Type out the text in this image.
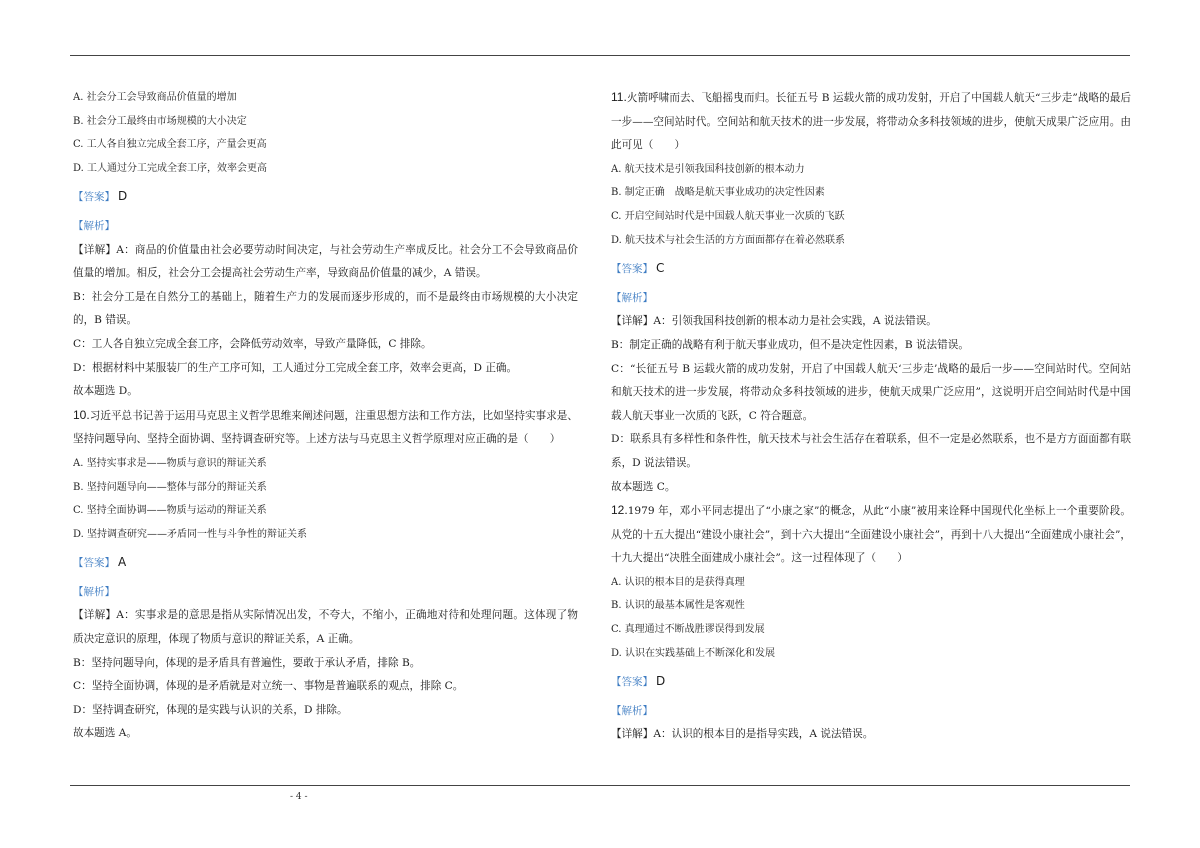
A. 社会分工会导致商品价值量的增加
B. 社会分工最终由市场规模的大小决定
C. 工人各自独立完成全套工序，产量会更高
D. 工人通过分工完成全套工序，效率会更高
【答案】 D
【解析】
【详解】A：商品的价值量由社会必要劳动时间决定，与社会劳动生产率成反比。社会分工不会导致商品价值量的增加。相反，社会分工会提高社会劳动生产率，导致商品价值量的减少，A 错误。
B：社会分工是在自然分工的基础上，随着生产力的发展而逐步形成的，而不是最终由市场规模的大小决定的，B 错误。
C：工人各自独立完成全套工序，会降低劳动效率，导致产量降低，C 排除。
D：根据材料中某服装厂的生产工序可知，工人通过分工完成全套工序，效率会更高，D 正确。
故本题选 D。
10.习近平总书记善于运用马克思主义哲学思维来阐述问题，注重思想方法和工作方法，比如坚持实事求是、坚持问题导向、坚持全面协调、坚持调查研究等。上述方法与马克思主义哲学原理对应正确的是（　　）
A. 坚持实事求是——物质与意识的辩证关系
B. 坚持问题导向——整体与部分的辩证关系
C. 坚持全面协调——物质与运动的辩证关系
D. 坚持调查研究——矛盾同一性与斗争性的辩证关系
【答案】 A
【解析】
【详解】A：实事求是的意思是指从实际情况出发，不夸大，不缩小，正确地对待和处理问题。这体现了物质决定意识的原理，体现了物质与意识的辩证关系，A 正确。
B：坚持问题导向，体现的是矛盾具有普遍性，要敢于承认矛盾，排除 B。
C：坚持全面协调，体现的是矛盾就是对立统一、事物是普遍联系的观点，排除 C。
D：坚持调查研究，体现的是实践与认识的关系，D 排除。
故本题选 A。
11.火箭呼啸而去、飞船摇曳而归。长征五号 B 运载火箭的成功发射，开启了中国载人航天“三步走”战略的最后一步——空间站时代。空间站和航天技术的进一步发展，将带动众多科技领域的进步，使航天成果广泛应用。由此可见（　　）
A. 航天技术是引领我国科技创新的根本动力
B. 制定正确　战略是航天事业成功的决定性因素
C. 开启空间站时代是中国载人航天事业一次质的飞跃
D. 航天技术与社会生活的方方面面都存在着必然联系
【答案】 C
【解析】
【详解】A：引领我国科技创新的根本动力是社会实践，A 说法错误。
B：制定正确的战略有利于航天事业成功，但不是决定性因素，B 说法错误。
C：“长征五号 B 运载火箭的成功发射，开启了中国载人航天‘三步走’战略的最后一步——空间站时代。空间站和航天技术的进一步发展，将带动众多科技领域的进步，使航天成果广泛应用”，这说明开启空间站时代是中国载人航天事业一次质的飞跃，C 符合题意。
D：联系具有多样性和条件性，航天技术与社会生活存在着联系，但不一定是必然联系，也不是方方面面都有联系，D 说法错误。
故本题选 C。
12.1979 年，邓小平同志提出了“小康之家”的概念，从此“小康”被用来诠释中国现代化坐标上一个重要阶段。从党的十五大提出“建设小康社会”，到十六大提出“全面建设小康社会”，再到十八大提出“全面建成小康社会”，十九大提出“决胜全面建成小康社会”。这一过程体现了（　　）
A. 认识的根本目的是获得真理
B. 认识的最基本属性是客观性
C. 真理通过不断战胜谬误得到发展
D. 认识在实践基础上不断深化和发展
【答案】 D
【解析】
【详解】A：认识的根本目的是指导实践，A 说法错误。
- 4 -
